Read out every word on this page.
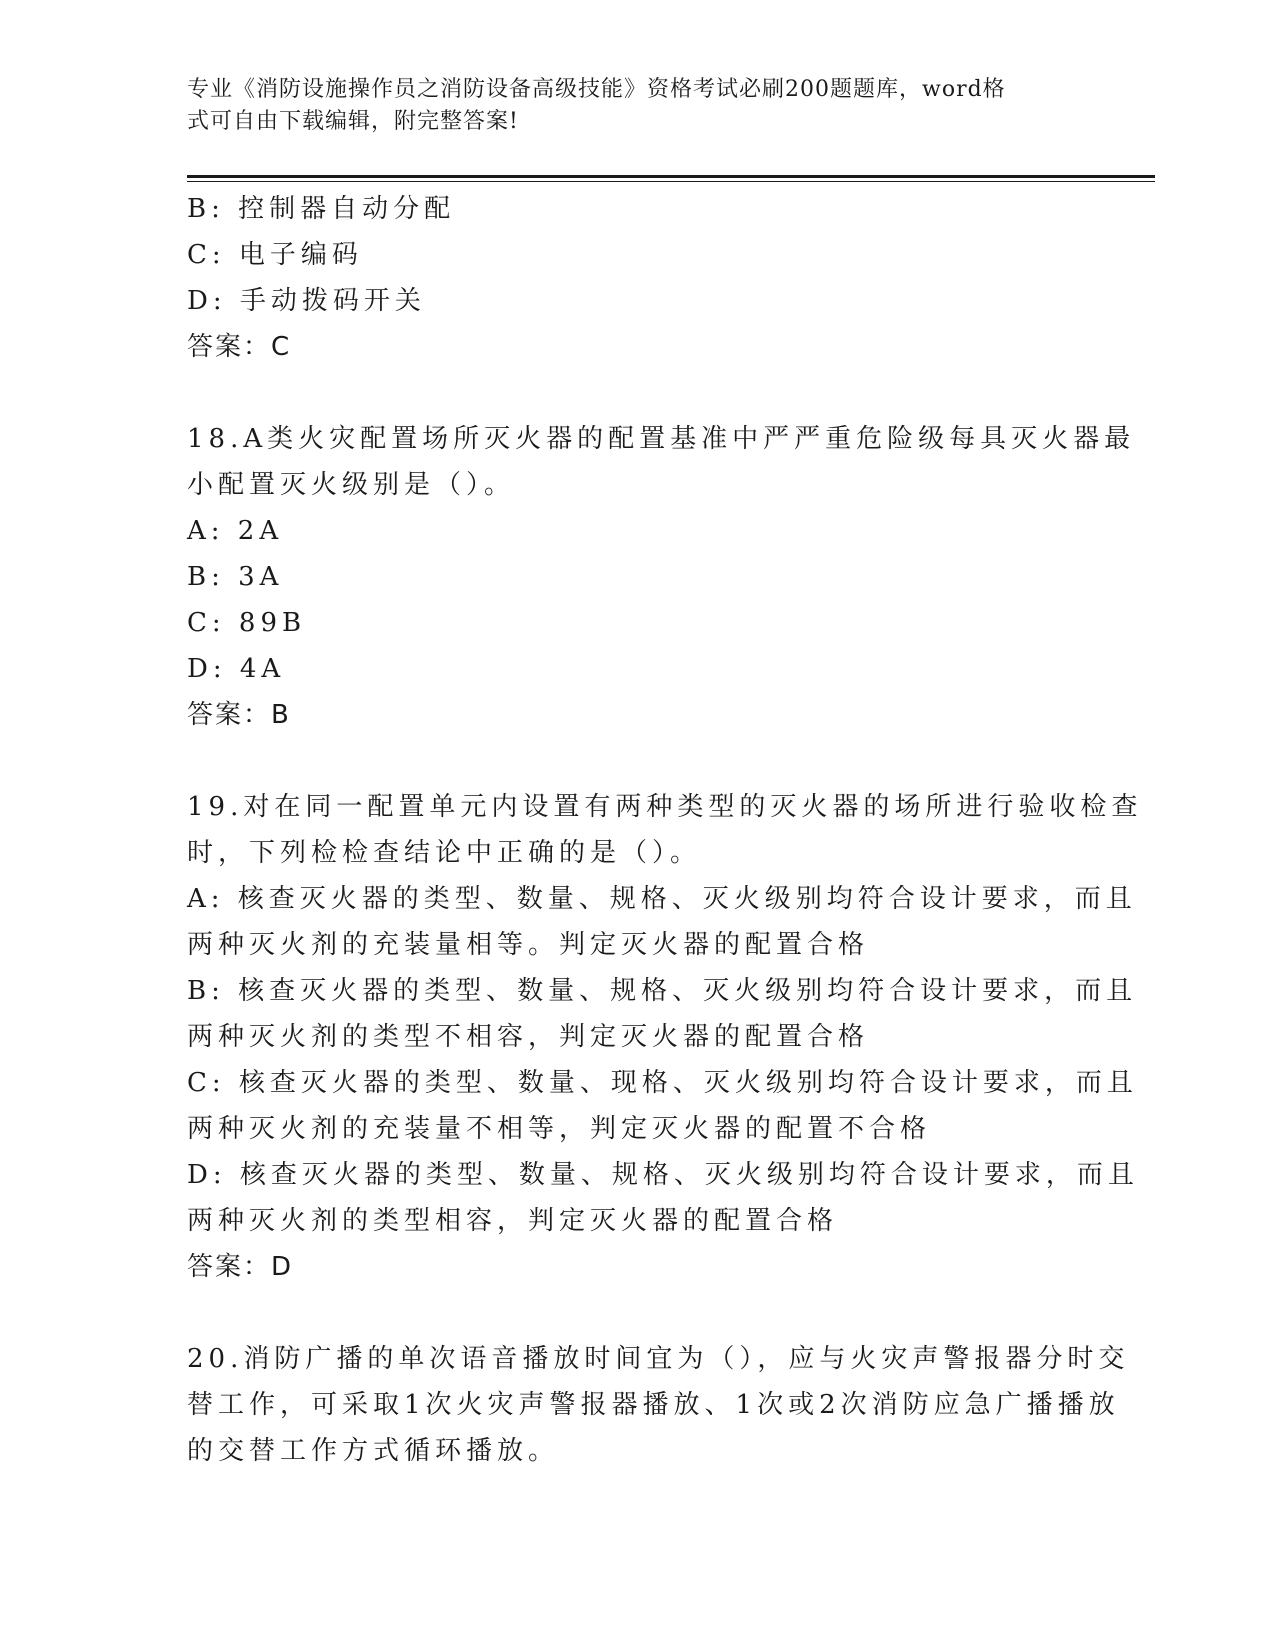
专业《消防设施操作员之消防设备高级技能》资格考试必刷200题题库，word格
式可自由下载编辑，附完整答案!
B: 控制器自动分配
C: 电子编码
D: 手动拨码开关
答案：C
18.A类火灾配置场所灭火器的配置基准中严严重危险级每具灭火器最
小配置灭火级别是（）。
A: 2A
B: 3A
C: 89B
D: 4A
答案：B
19.对在同一配置单元内设置有两种类型的灭火器的场所进行验收检查
时，下列检检查结论中正确的是（）。
A: 核查灭火器的类型、数量、规格、灭火级别均符合设计要求，而且
两种灭火剂的充装量相等。判定灭火器的配置合格
B: 核查灭火器的类型、数量、规格、灭火级别均符合设计要求，而且
两种灭火剂的类型不相容，判定灭火器的配置合格
C: 核查灭火器的类型、数量、现格、灭火级别均符合设计要求，而且
两种灭火剂的充装量不相等，判定灭火器的配置不合格
D: 核查灭火器的类型、数量、规格、灭火级别均符合设计要求，而且
两种灭火剂的类型相容，判定灭火器的配置合格
答案：D
20.消防广播的单次语音播放时间宜为（），应与火灾声警报器分时交
替工作，可采取1次火灾声警报器播放、1次或2次消防应急广播播放
的交替工作方式循环播放。
